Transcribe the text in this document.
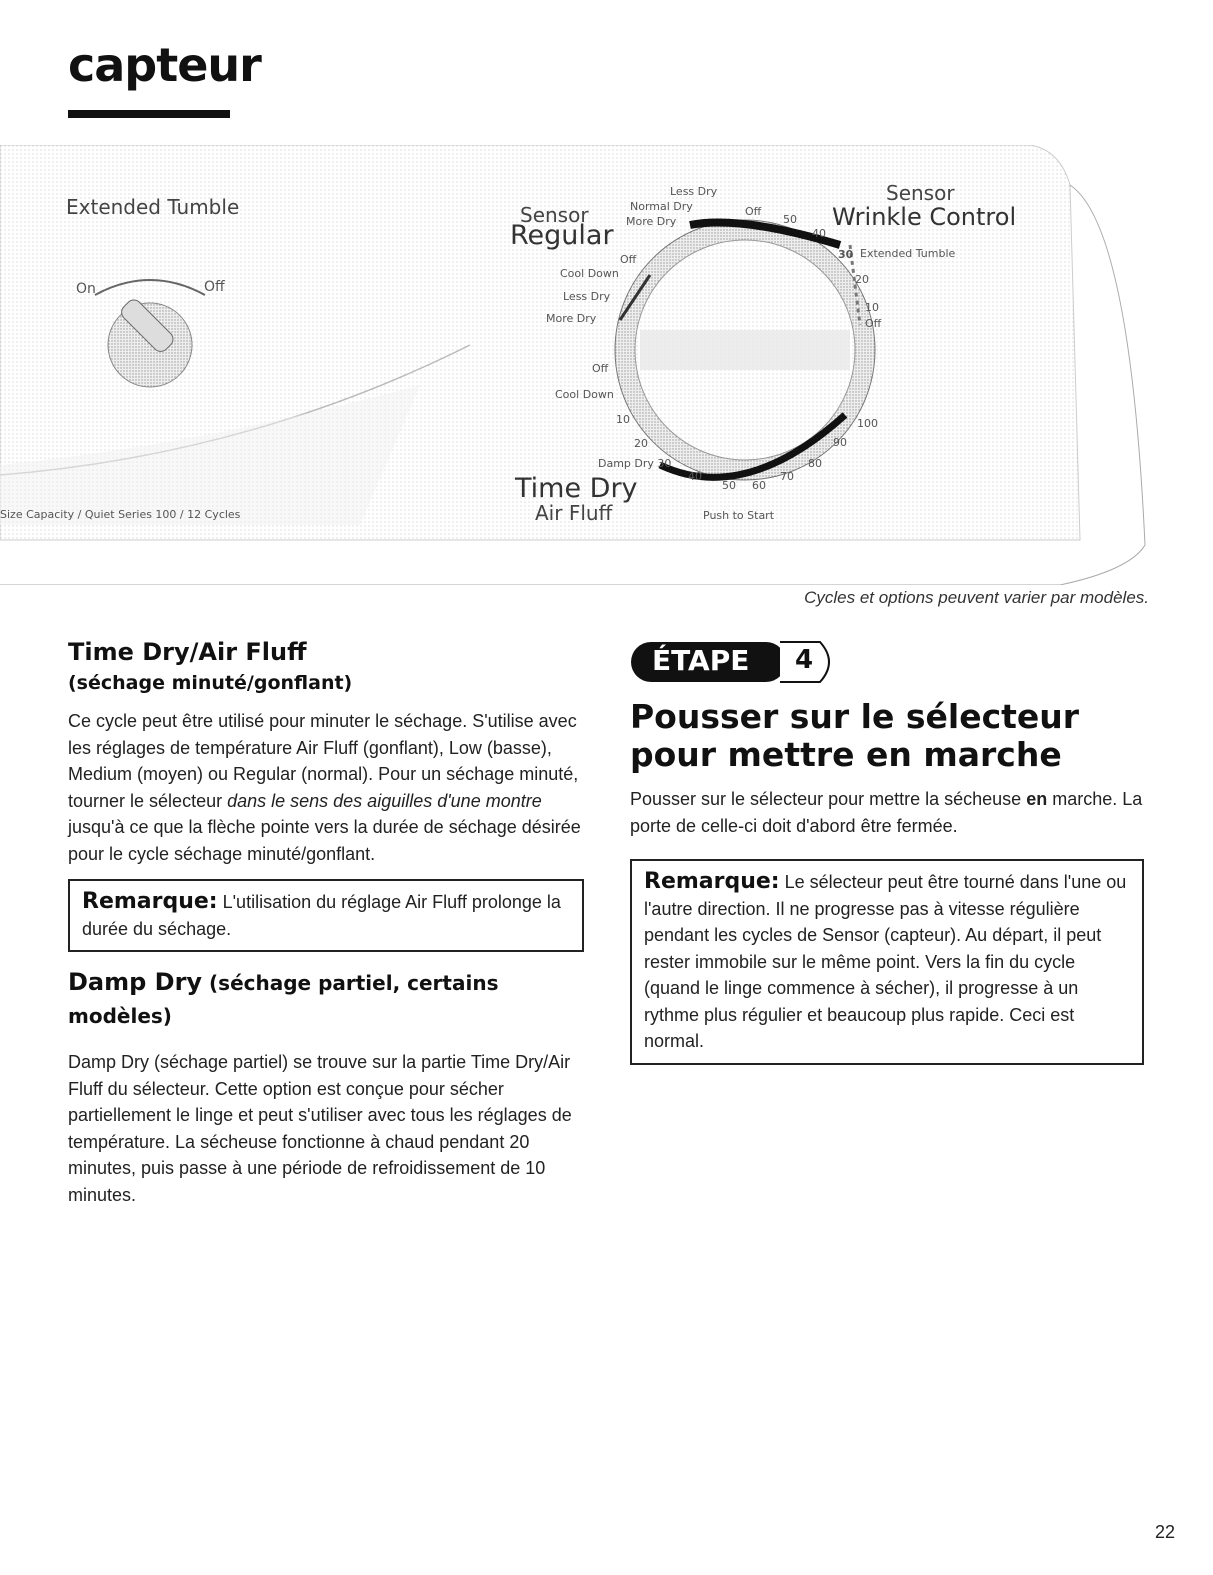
capteur
Extended Tumble
On	Off
Size Capacity / Quiet Series 100 / 12 Cycles
Sensor
Regular
Sensor
Wrinkle Control
Time Dry
Air Fluff	Push to Start
Less Dry
Normal Dry
More Dry
Off
50
40
30 Extended Tumble
20
10
Off
Off
Cool Down
Less Dry
More Dry
Off
Cool Down
10
20
Damp Dry 30
40
50 60
70
80
90
100
Cycles et options peuvent varier par modèles.
Time Dry/Air Fluff
(séchage minuté/gonflant)

Ce cycle peut être utilisé pour minuter le séchage. S'utilise avec les réglages de température Air Fluff (gonflant), Low (basse), Medium (moyen) ou Regular (normal). Pour un séchage minuté, tourner le sélecteur dans le sens des aiguilles d'une montre jusqu'à ce que la flèche pointe vers la durée de séchage désirée pour le cycle séchage minuté/gonflant.

Remarque: L'utilisation du réglage Air Fluff prolonge la durée du séchage.
Damp Dry (séchage partiel, certains modèles)

Damp Dry (séchage partiel) se trouve sur la partie Time Dry/Air Fluff du sélecteur. Cette option est conçue pour sécher partiellement le linge et peut s'utiliser avec tous les réglages de température. La sécheuse fonctionne à chaud pendant 20 minutes, puis passe à une période de refroidissement de 10 minutes.

ÉTAPE 4
Pousser sur le sélecteur pour mettre en marche

Pousser sur le sélecteur pour mettre la sécheuse en marche. La porte de celle-ci doit d'abord être fermée.

Remarque: Le sélecteur peut être tourné dans l'une ou l'autre direction. Il ne progresse pas à vitesse régulière pendant les cycles de Sensor (capteur). Au départ, il peut rester immobile sur le même point. Vers la fin du cycle (quand le linge commence à sécher), il progresse à un rythme plus régulier et beaucoup plus rapide. Ceci est normal.
22
